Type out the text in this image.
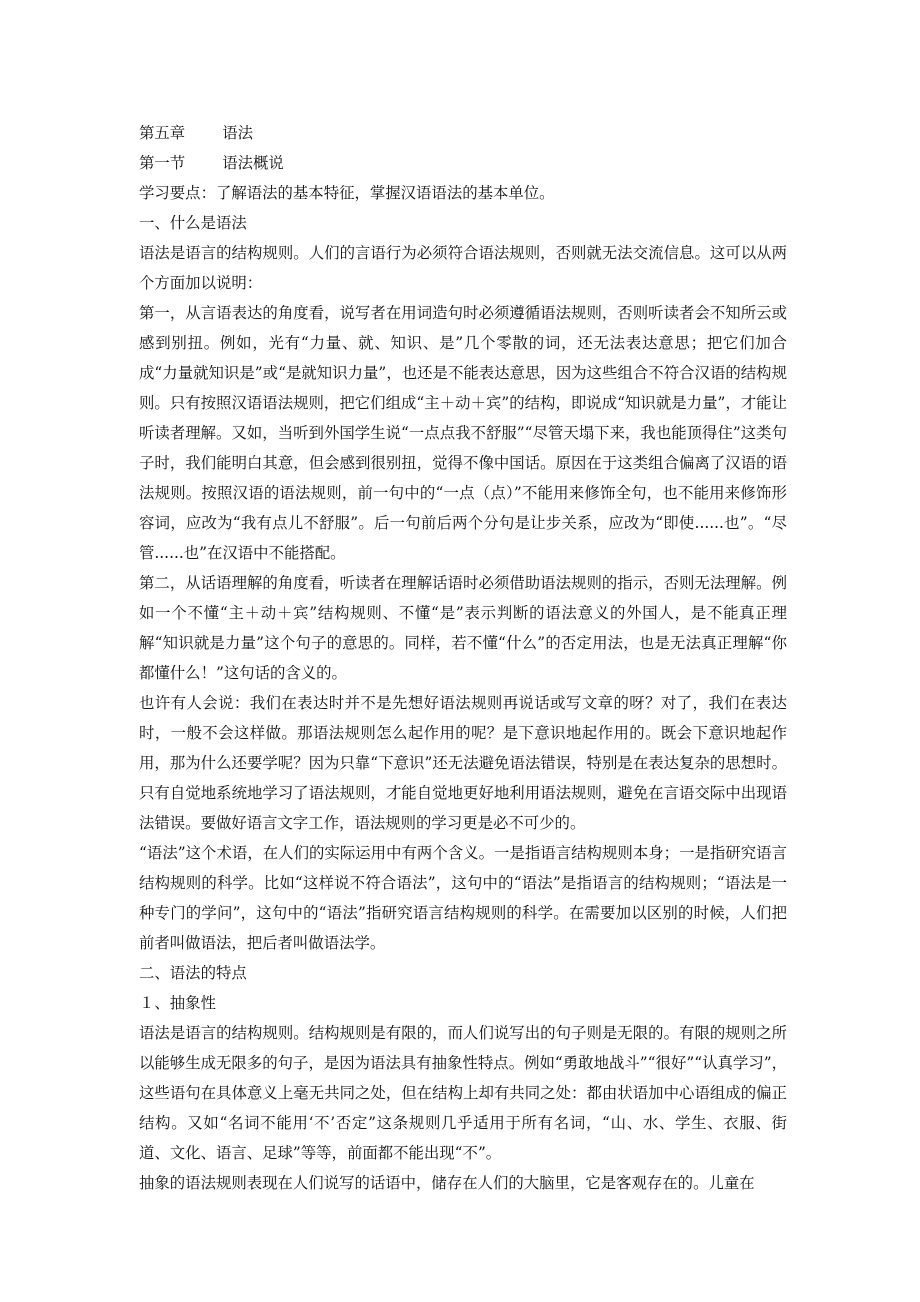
第五章 语法
第一节 语法概说
学习要点：了解语法的基本特征，掌握汉语语法的基本单位。
一、什么是语法

语法是语言的结构规则。人们的言语行为必须符合语法规则，否则就无法交流信息。这可以从两个方面加以说明：

第一，从言语表达的角度看，说写者在用词造句时必须遵循语法规则，否则听读者会不知所云或感到别扭。例如，光有“力量、就、知识、是”几个零散的词，还无法表达意思；把它们加合成“力量就知识是”或“是就知识力量”，也还是不能表达意思，因为这些组合不符合汉语的结构规则。只有按照汉语语法规则，把它们组成“主＋动＋宾”的结构，即说成“知识就是力量”，才能让听读者理解。又如，当听到外国学生说“一点点我不舒服”“尽管天塌下来，我也能顶得住”这类句子时，我们能明白其意，但会感到很别扭，觉得不像中国话。原因在于这类组合偏离了汉语的语法规则。按照汉语的语法规则，前一句中的“一点（点）”不能用来修饰全句，也不能用来修饰形容词，应改为“我有点儿不舒服”。后一句前后两个分句是让步关系，应改为“即使......也”。“尽管......也”在汉语中不能搭配。

第二，从话语理解的角度看，听读者在理解话语时必须借助语法规则的指示，否则无法理解。例如一个不懂“主＋动＋宾”结构规则、不懂“是”表示判断的语法意义的外国人，是不能真正理解“知识就是力量”这个句子的意思的。同样，若不懂“什么”的否定用法，也是无法真正理解“你都懂什么！”这句话的含义的。

也许有人会说：我们在表达时并不是先想好语法规则再说话或写文章的呀？对了，我们在表达时，一般不会这样做。那语法规则怎么起作用的呢？是下意识地起作用的。既会下意识地起作用，那为什么还要学呢？因为只靠“下意识”还无法避免语法错误，特别是在表达复杂的思想时。只有自觉地系统地学习了语法规则，才能自觉地更好地利用语法规则，避免在言语交际中出现语法错误。要做好语言文字工作，语法规则的学习更是必不可少的。

“语法”这个术语，在人们的实际运用中有两个含义。一是指语言结构规则本身；一是指研究语言结构规则的科学。比如“这样说不符合语法”，这句中的“语法”是指语言的结构规则；“语法是一种专门的学问”，这句中的“语法”指研究语言结构规则的科学。在需要加以区别的时候，人们把前者叫做语法，把后者叫做语法学。

二、语法的特点
１、抽象性

语法是语言的结构规则。结构规则是有限的，而人们说写出的句子则是无限的。有限的规则之所以能够生成无限多的句子，是因为语法具有抽象性特点。例如“勇敢地战斗”“很好”“认真学习”，这些语句在具体意义上毫无共同之处，但在结构上却有共同之处：都由状语加中心语组成的偏正结构。又如“名词不能用‘不’否定”这条规则几乎适用于所有名词，“山、水、学生、衣服、街道、文化、语言、足球”等等，前面都不能出现“不”。

抽象的语法规则表现在人们说写的话语中，储存在人们的大脑里，它是客观存在的。儿童在
